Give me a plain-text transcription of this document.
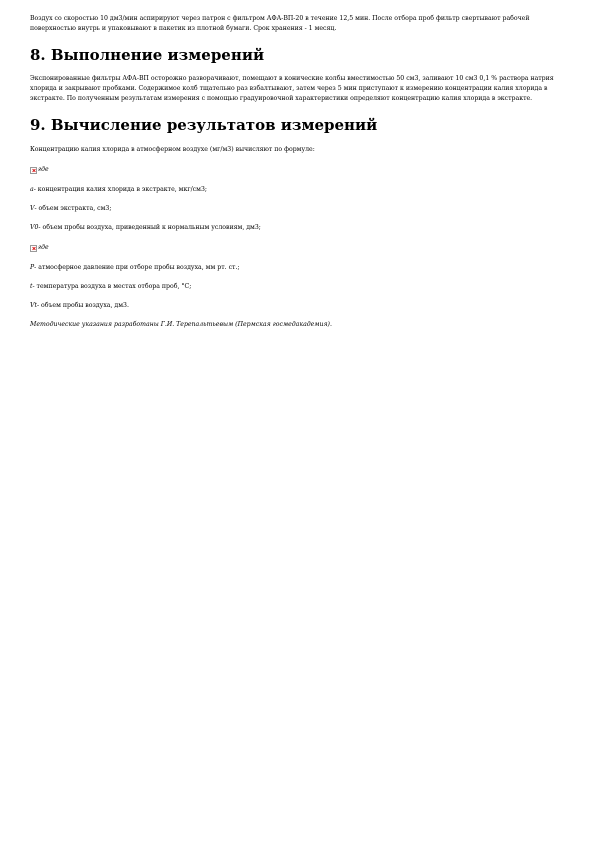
Воздух со скоростью 10 дм3/мин аспирируют через патрон с фильтром АФА-ВП-20 в течение 12,5 мин. После отбора проб фильтр свертывают рабочей поверхностью внутрь и упаковывают в пакетик из плотной бумаги. Срок хранения - 1 месяц.

8. Выполнение измерений

Экспонированные фильтры АФА-ВП осторожно разворачивают, помещают в конические колбы вместимостью 50 см3, заливают 10 см3 0,1 % раствора натрия хлорида и закрывают пробками. Содержимое колб тщательно раз взбалтывают, затем через 5 мин приступают к измерению концентрации калия хлорида в экстракте. По полученным результатам измерения с помощью градуировочной характеристики определяют концентрацию калия хлорида в экстракте.

9. Вычисление результатов измерений

Концентрацию калия хлорида в атмосферном воздухе (мг/м3) вычисляют по формуле:

где
a - концентрация калия хлорида в экстракте, мкг/см3;
V - объем экстракта, см3;
V0 - объем пробы воздуха, приведенный к нормальным условиям, дм3;
где
P - атмосферное давление при отборе пробы воздуха, мм рт. ст.;
t - температура воздуха в местах отбора проб, °С;
Vt - объем пробы воздуха, дм3.
Методические указания разработаны Г.И. Терепальтьевым (Пермская госмедакадемия).
